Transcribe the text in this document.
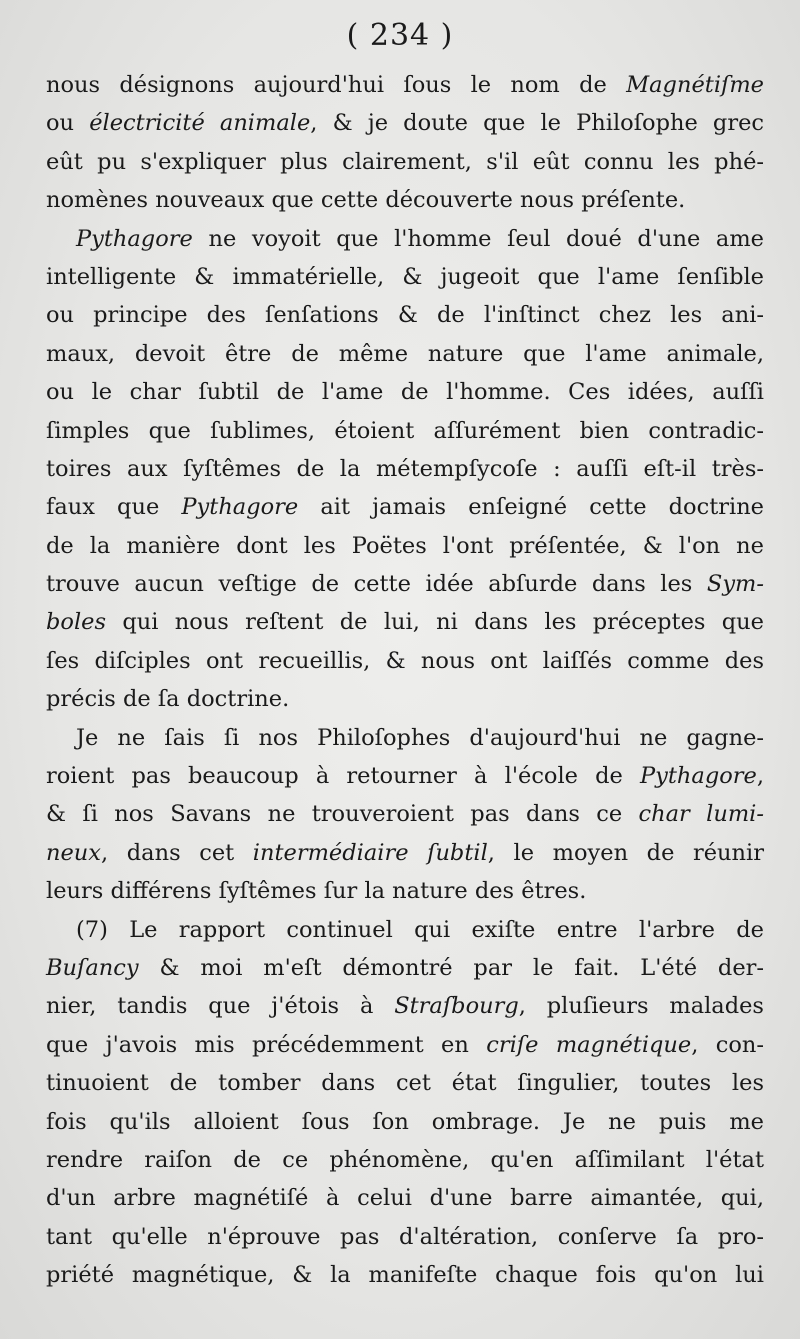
( 234 )
nous désignons aujourd'hui ſous le nom de Magnétiſme
ou électricité animale, & je doute que le Philoſophe grec
eût pu s'expliquer plus clairement, s'il eût connu les phé-
nomènes nouveaux que cette découverte nous préſente.
Pythagore ne voyoit que l'homme ſeul doué d'une ame
intelligente & immatérielle, & jugeoit que l'ame ſenſible
ou principe des ſenſations & de l'inſtinct chez les ani-
maux, devoit être de même nature que l'ame animale,
ou le char ſubtil de l'ame de l'homme. Ces idées, auſſi
ſimples que ſublimes, étoient aſſurément bien contradic-
toires aux ſyſtêmes de la métempſycoſe : auſſi eſt-il très-
faux que Pythagore ait jamais enſeigné cette doctrine
de la manière dont les Poëtes l'ont préſentée, & l'on ne
trouve aucun veſtige de cette idée abſurde dans les Sym-
boles qui nous reſtent de lui, ni dans les préceptes que
ſes diſciples ont recueillis, & nous ont laiſſés comme des
précis de ſa doctrine.
Je ne ſais ſi nos Philoſophes d'aujourd'hui ne gagne-
roient pas beaucoup à retourner à l'école de Pythagore,
& ſi nos Savans ne trouveroient pas dans ce char lumi-
neux, dans cet intermédiaire ſubtil, le moyen de réunir
leurs différens ſyſtêmes ſur la nature des êtres.
(7) Le rapport continuel qui exiſte entre l'arbre de
Buſancy & moi m'eſt démontré par le fait. L'été der-
nier, tandis que j'étois à Straſbourg, pluſieurs malades
que j'avois mis précédemment en criſe magnétique, con-
tinuoient de tomber dans cet état ſingulier, toutes les
fois qu'ils alloient ſous ſon ombrage. Je ne puis me
rendre raiſon de ce phénomène, qu'en aſſimilant l'état
d'un arbre magnétiſé à celui d'une barre aimantée, qui,
tant qu'elle n'éprouve pas d'altération, conſerve ſa pro-
priété magnétique, & la manifeſte chaque fois qu'on lui
